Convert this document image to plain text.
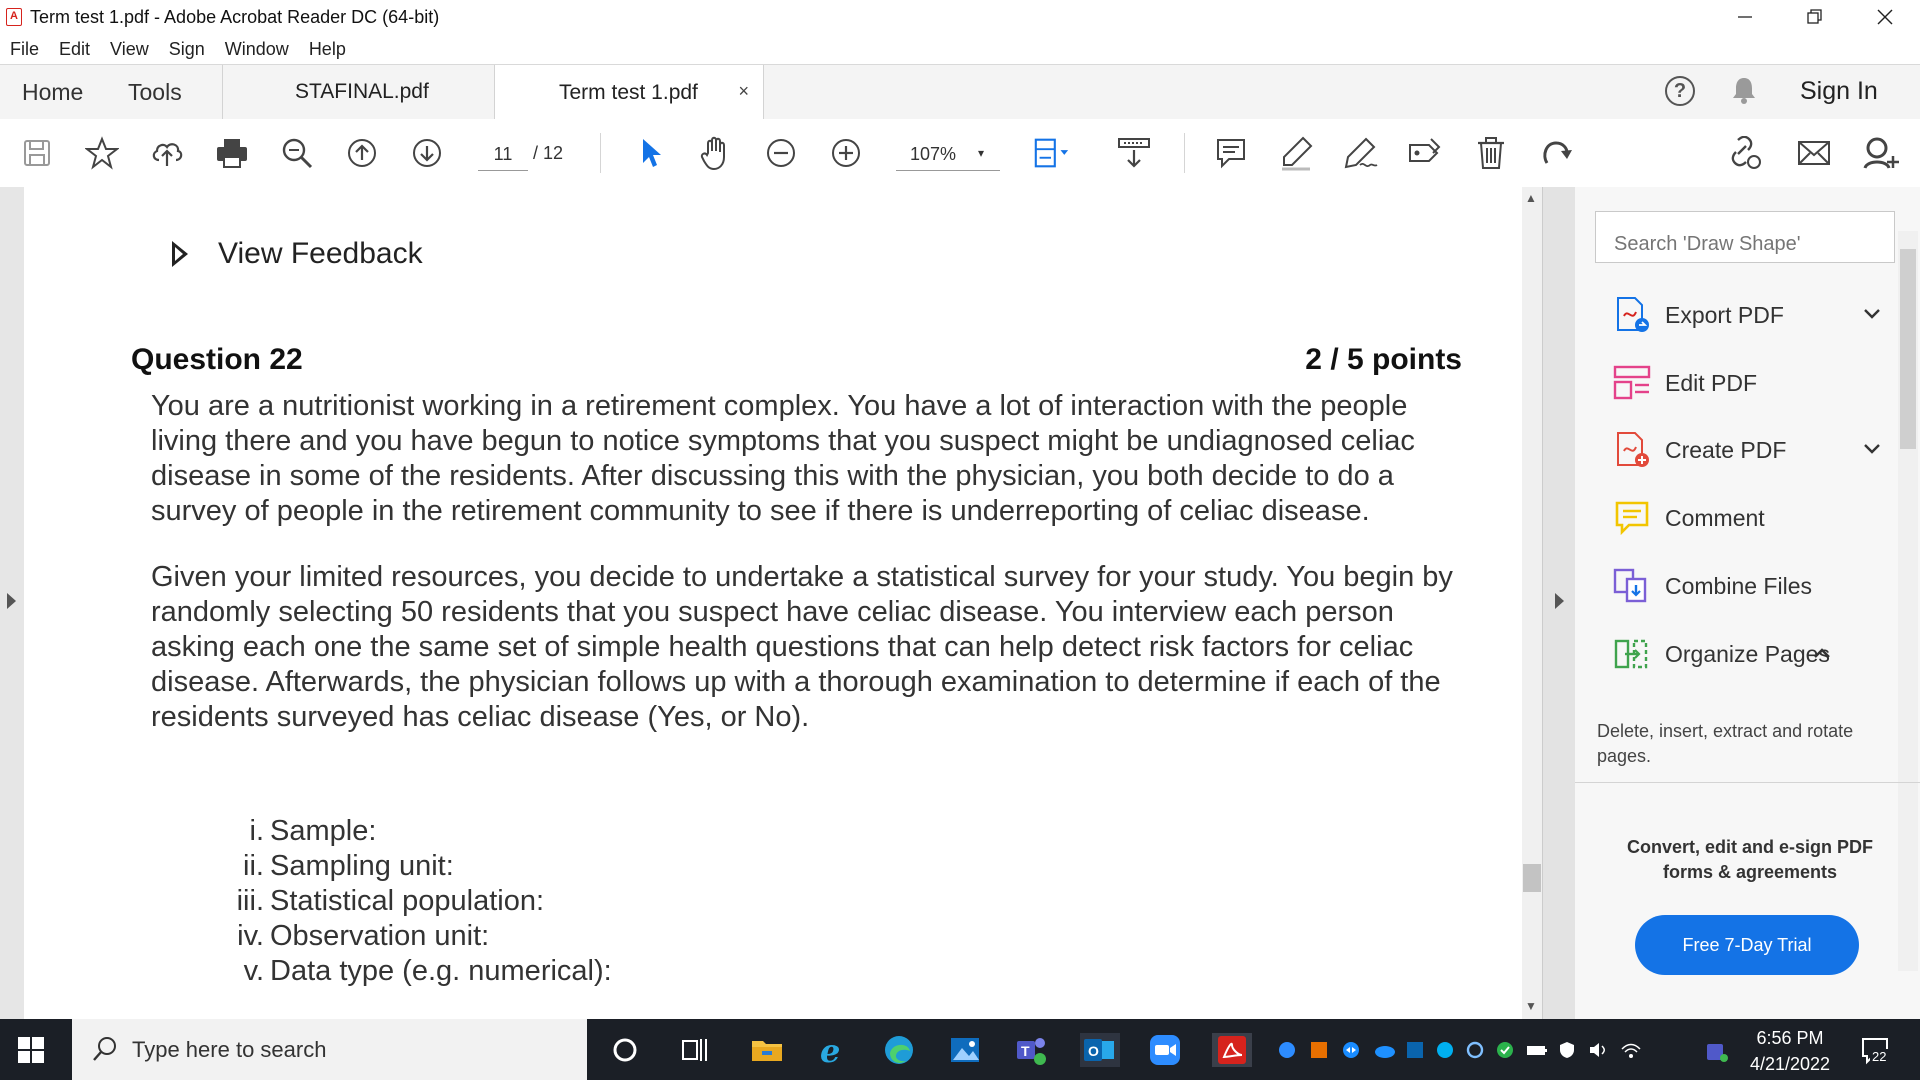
A Term test 1.pdf - Adobe Acrobat Reader DC (64-bit)
File	Edit	View	Sign	Window	Help
Home Tools	STAFINAL.pdf	Term test 1.pdf ×	?	Sign In
11
/ 12	107% ▾
View Feedback
Question 22	2 / 5 points

You are a nutritionist working in a retirement complex. You have a lot of interaction with the people living there and you have begun to notice symptoms that you suspect might be undiagnosed celiac disease in some of the residents. After discussing this with the physician, you both decide to do a survey of people in the retirement community to see if there is underreporting of celiac disease.

Given your limited resources, you decide to undertake a statistical survey for your study. You begin by randomly selecting 50 residents that you suspect have celiac disease. You interview each person asking each one the same set of simple health questions that can help detect risk factors for celiac disease. Afterwards, the physician follows up with a thorough examination to determine if each of the residents surveyed has celiac disease (Yes, or No).

i. Sample:
ii. Sampling unit:
iii. Statistical population:
iv. Observation unit:
v. Data type (e.g. numerical):
▲
▼
Search 'Draw Shape'
Export PDF
Edit PDF
Create PDF
Comment
Combine Files
Organize Pages
Delete, insert, extract and rotate pages.
Convert, edit and e-sign PDF forms & agreements
Free 7-Day Trial
Type here to search	e	T	O
6:56 PM
4/21/2022	22
